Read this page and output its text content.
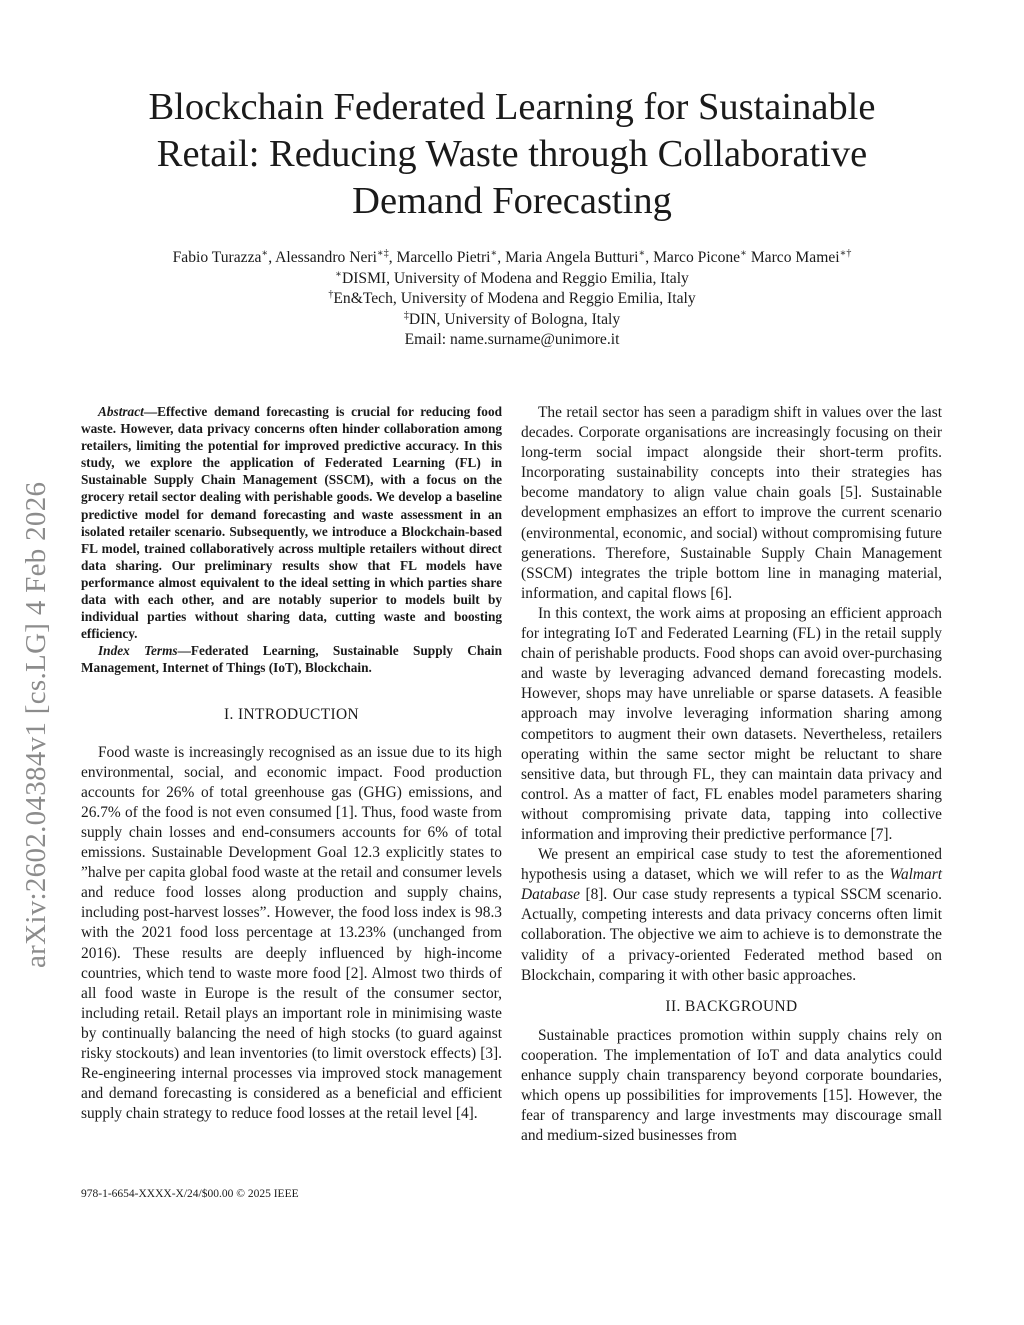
arXiv:2602.04384v1 [cs.LG] 4 Feb 2026
Blockchain Federated Learning for Sustainable
Retail: Reducing Waste through Collaborative
Demand Forecasting
Fabio Turazza∗, Alessandro Neri∗‡, Marcello Pietri∗, Maria Angela Butturi∗, Marco Picone∗ Marco Mamei∗†
∗DISMI, University of Modena and Reggio Emilia, Italy
†En&Tech, University of Modena and Reggio Emilia, Italy
‡DIN, University of Bologna, Italy
Email: name.surname@unimore.it

Abstract—Effective demand forecasting is crucial for reducing food waste. However, data privacy concerns often hinder collaboration among retailers, limiting the potential for improved predictive accuracy. In this study, we explore the application of Federated Learning (FL) in Sustainable Supply Chain Management (SSCM), with a focus on the grocery retail sector dealing with perishable goods. We develop a baseline predictive model for demand forecasting and waste assessment in an isolated retailer scenario. Subsequently, we introduce a Blockchain-based FL model, trained collaboratively across multiple retailers without direct data sharing. Our preliminary results show that FL models have performance almost equivalent to the ideal setting in which parties share data with each other, and are notably superior to models built by individual parties without sharing data, cutting waste and boosting efficiency.

Index Terms—Federated Learning, Sustainable Supply Chain Management, Internet of Things (IoT), Blockchain.

I. INTRODUCTION

Food waste is increasingly recognised as an issue due to its high environmental, social, and economic impact. Food production accounts for 26% of total greenhouse gas (GHG) emissions, and 26.7% of the food is not even consumed [1]. Thus, food waste from supply chain losses and end-consumers accounts for 6% of total emissions. Sustainable Development Goal 12.3 explicitly states to ”halve per capita global food waste at the retail and consumer levels and reduce food losses along production and supply chains, including post-harvest losses”. However, the food loss index is 98.3 with the 2021 food loss percentage at 13.23% (unchanged from 2016). These results are deeply influenced by high-income countries, which tend to waste more food [2]. Almost two thirds of all food waste in Europe is the result of the consumer sector, including retail. Retail plays an important role in minimising waste by continually balancing the need of high stocks (to guard against risky stockouts) and lean inventories (to limit overstock effects) [3]. Re-engineering internal processes via improved stock management and demand forecasting is considered as a beneficial and efficient supply chain strategy to reduce food losses at the retail level [4].

978-1-6654-XXXX-X/24/$00.00 © 2025 IEEE

The retail sector has seen a paradigm shift in values over the last decades. Corporate organisations are increasingly focusing on their long-term social impact alongside their short-term profits. Incorporating sustainability concepts into their strategies has become mandatory to align value chain goals [5]. Sustainable development emphasizes an effort to improve the current scenario (environmental, economic, and social) without compromising future generations. Therefore, Sustainable Supply Chain Management (SSCM) integrates the triple bottom line in managing material, information, and capital flows [6].

In this context, the work aims at proposing an efficient approach for integrating IoT and Federated Learning (FL) in the retail supply chain of perishable products. Food shops can avoid over-purchasing and waste by leveraging advanced demand forecasting models. However, shops may have unreliable or sparse datasets. A feasible approach may involve leveraging information sharing among competitors to augment their own datasets. Nevertheless, retailers operating within the same sector might be reluctant to share sensitive data, but through FL, they can maintain data privacy and control. As a matter of fact, FL enables model parameters sharing without compromising private data, tapping into collective information and improving their predictive performance [7].

We present an empirical case study to test the aforementioned hypothesis using a dataset, which we will refer to as the Walmart Database [8]. Our case study represents a typical SSCM scenario. Actually, competing interests and data privacy concerns often limit collaboration. The objective we aim to achieve is to demonstrate the validity of a privacy-oriented Federated method based on Blockchain, comparing it with other basic approaches.

II. BACKGROUND

Sustainable practices promotion within supply chains rely on cooperation. The implementation of IoT and data analytics could enhance supply chain transparency beyond corporate boundaries, which opens up possibilities for improvements [15]. However, the fear of transparency and large investments may discourage small and medium-sized businesses from
